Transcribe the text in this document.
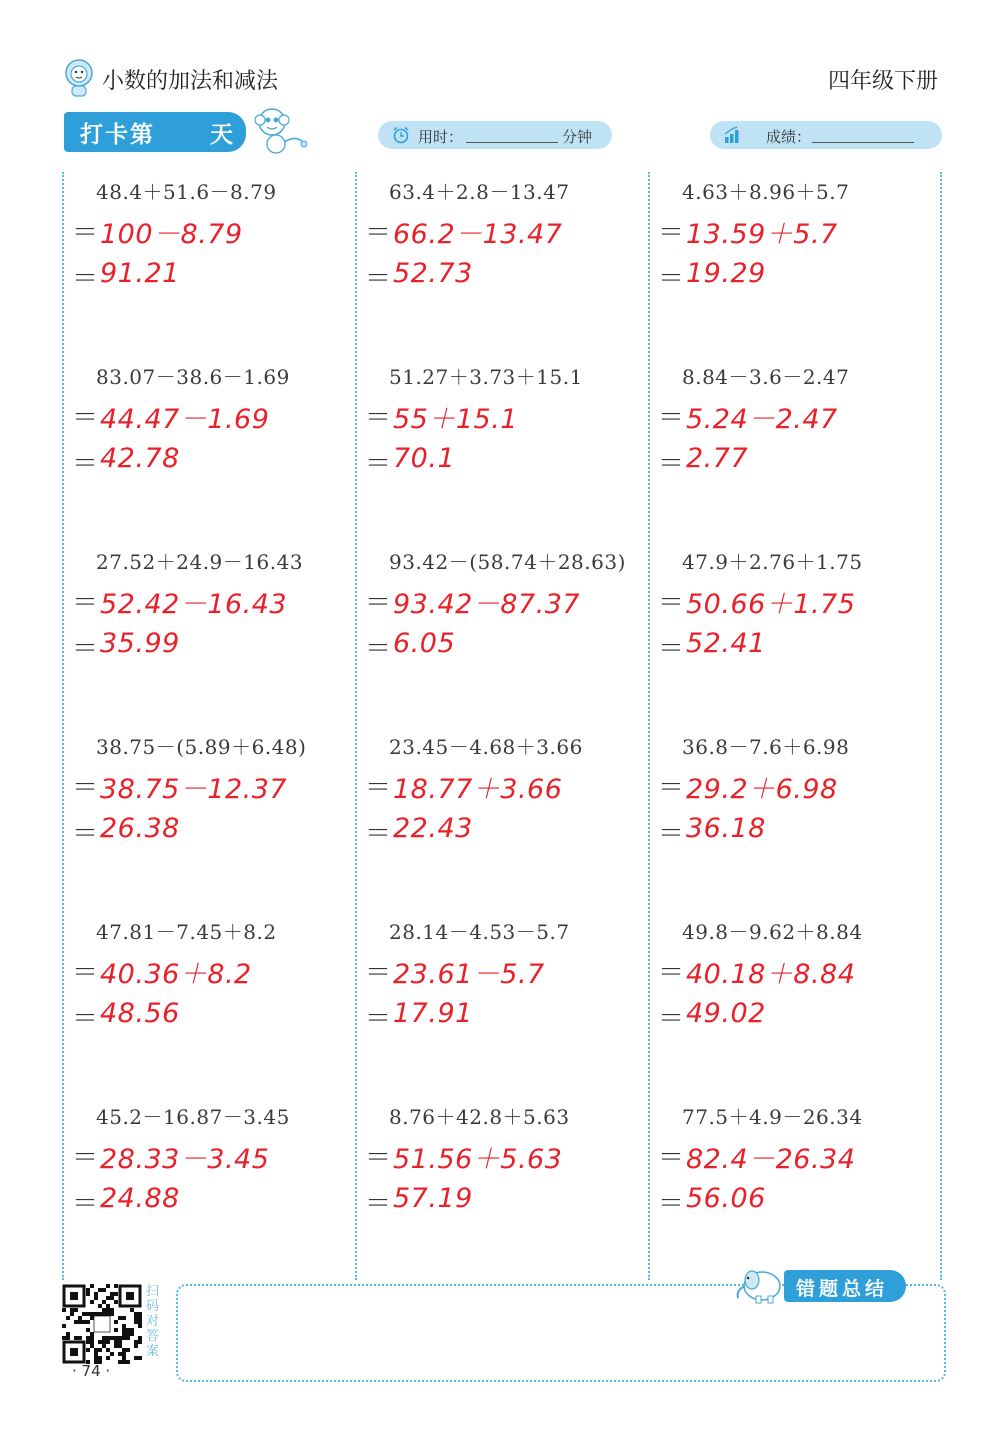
小数的加法和减法	四年级下册
打卡第 天	用时：	分钟	成绩：
48.4＋51.6－8.79
＝ 100－8.79
＝ 91.21
83.07－38.6－1.69
＝ 44.47－1.69
＝ 42.78
27.52＋24.9－16.43
＝ 52.42－16.43
＝ 35.99
38.75－(5.89＋6.48)
＝ 38.75－12.37
＝ 26.38
47.81－7.45＋8.2
＝ 40.36＋8.2
＝ 48.56
45.2－16.87－3.45
＝ 28.33－3.45
＝ 24.88
63.4＋2.8－13.47
＝ 66.2－13.47
＝ 52.73
51.27＋3.73＋15.1
＝ 55＋15.1
＝ 70.1
93.42－(58.74＋28.63)
＝ 93.42－87.37
＝ 6.05
23.45－4.68＋3.66
＝ 18.77＋3.66
＝ 22.43
28.14－4.53－5.7
＝ 23.61－5.7
＝ 17.91
8.76＋42.8＋5.63
＝ 51.56＋5.63
＝ 57.19
4.63＋8.96＋5.7
＝ 13.59＋5.7
＝ 19.29
8.84－3.6－2.47
＝ 5.24－2.47
＝ 2.77
47.9＋2.76＋1.75
＝ 50.66＋1.75
＝ 52.41
36.8－7.6＋6.98
＝ 29.2＋6.98
＝ 36.18
49.8－9.62＋8.84
＝ 40.18＋8.84
＝ 49.02
77.5＋4.9－26.34
＝ 82.4－26.34
＝ 56.06
扫码对答案
· 74 ·
错题总结
